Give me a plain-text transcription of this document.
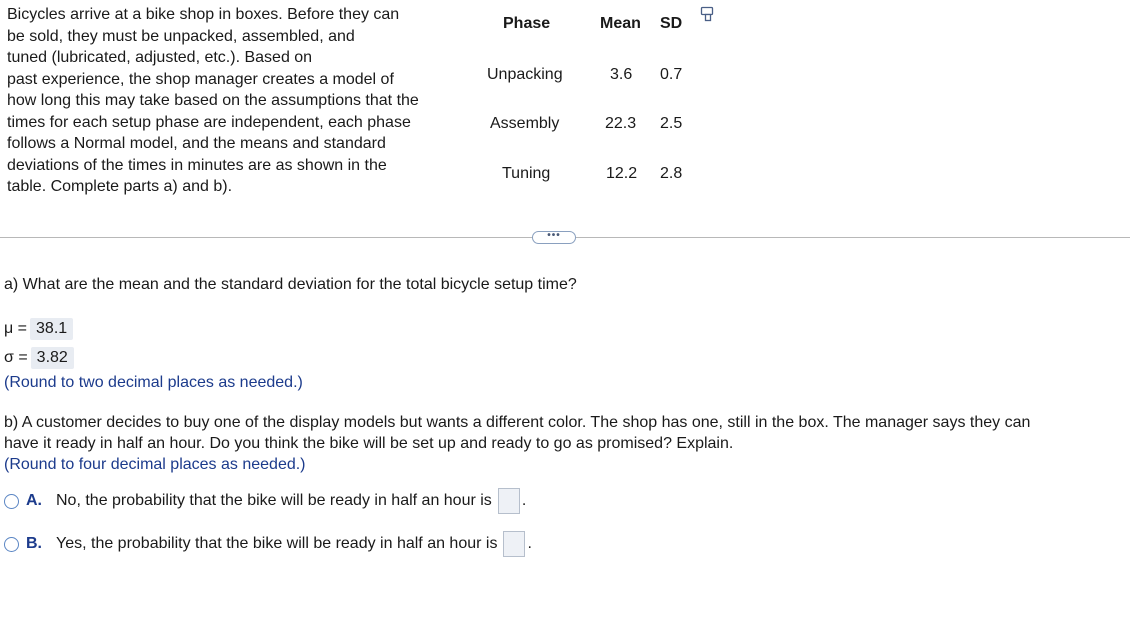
Bicycles arrive at a bike shop in boxes. Before they can
be sold, they must be unpacked, assembled, and
tuned (lubricated, adjusted, etc.). Based on
past experience, the shop manager creates a model of
how long this may take based on the assumptions that the
times for each setup phase are independent, each phase
follows a Normal model, and the means and standard
deviations of the times in minutes are as shown in the
table. Complete parts a) and b).
Phase	Mean SD
Unpacking	3.6 0.7
Assembly	22.3 2.5
Tuning	12.2 2.8
•••
a) What are the mean and the standard deviation for the total bicycle setup time?
μ = 38.1
σ = 3.82
(Round to two decimal places as needed.)
b) A customer decides to buy one of the display models but wants a different color. The shop has one, still in the box. The manager says they can
have it ready in half an hour. Do you think the bike will be set up and ready to go as promised? Explain.
(Round to four decimal places as needed.)
A. No, the probability that the bike will be ready in half an hour is .
B. Yes, the probability that the bike will be ready in half an hour is .
